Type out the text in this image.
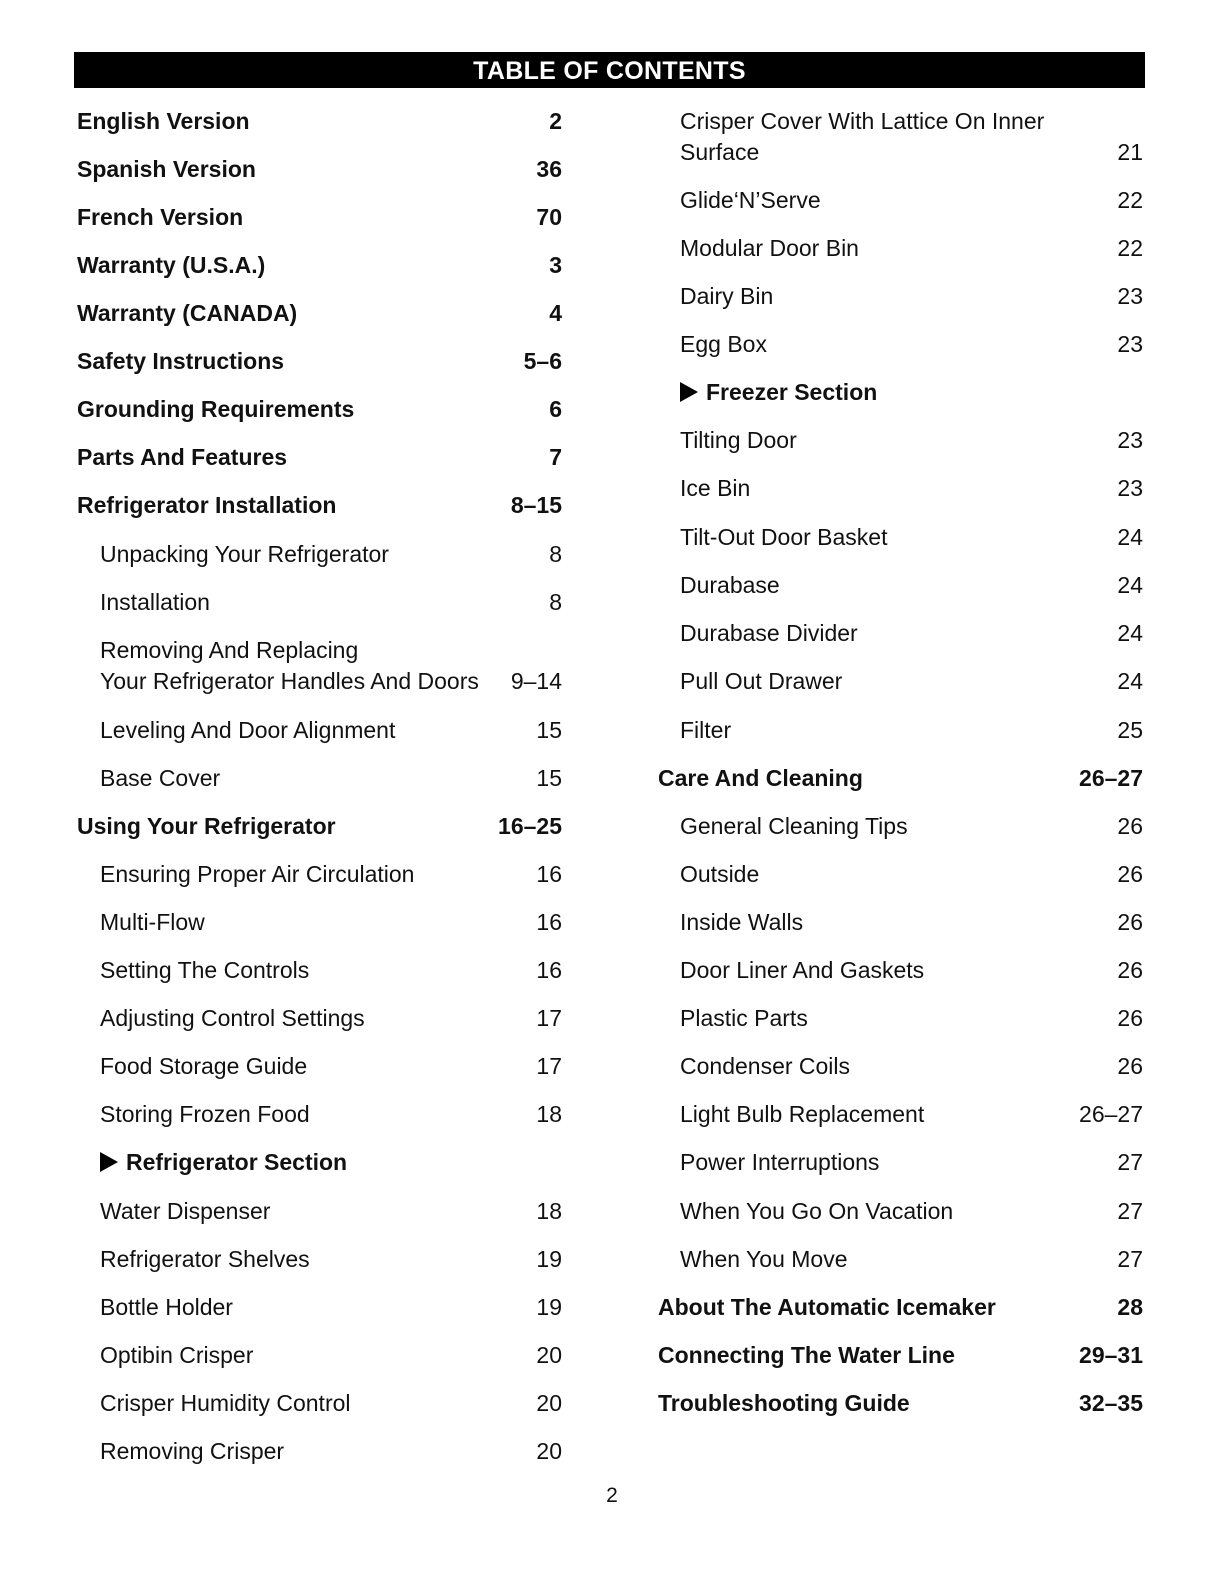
TABLE OF CONTENTS
English Version	2
Spanish Version	36
French Version	70
Warranty (U.S.A.)	3
Warranty (CANADA)	4
Safety Instructions	5–6
Grounding Requirements	6
Parts And Features	7
Refrigerator Installation	8–15
Unpacking Your Refrigerator	8
Installation	8
Removing And Replacing
Your Refrigerator Handles And Doors 9–14
Leveling And Door Alignment	15
Base Cover	15
Using Your Refrigerator	16–25
Ensuring Proper Air Circulation	16
Multi-Flow	16
Setting The Controls	16
Adjusting Control Settings	17
Food Storage Guide	17
Storing Frozen Food	18
Refrigerator Section
Water Dispenser	18
Refrigerator Shelves	19
Bottle Holder	19
Optibin Crisper	20
Crisper Humidity Control	20
Removing Crisper	20
Crisper Cover With Lattice On Inner
Surface	21
Glide‘N’Serve	22
Modular Door Bin	22
Dairy Bin	23
Egg Box	23
Freezer Section
Tilting Door	23
Ice Bin	23
Tilt-Out Door Basket	24
Durabase	24
Durabase Divider	24
Pull Out Drawer	24
Filter	25
Care And Cleaning	26–27
General Cleaning Tips	26
Outside	26
Inside Walls	26
Door Liner And Gaskets	26
Plastic Parts	26
Condenser Coils	26
Light Bulb Replacement	26–27
Power Interruptions	27
When You Go On Vacation	27
When You Move	27
About The Automatic Icemaker	28
Connecting The Water Line	29–31
Troubleshooting Guide	32–35
2
